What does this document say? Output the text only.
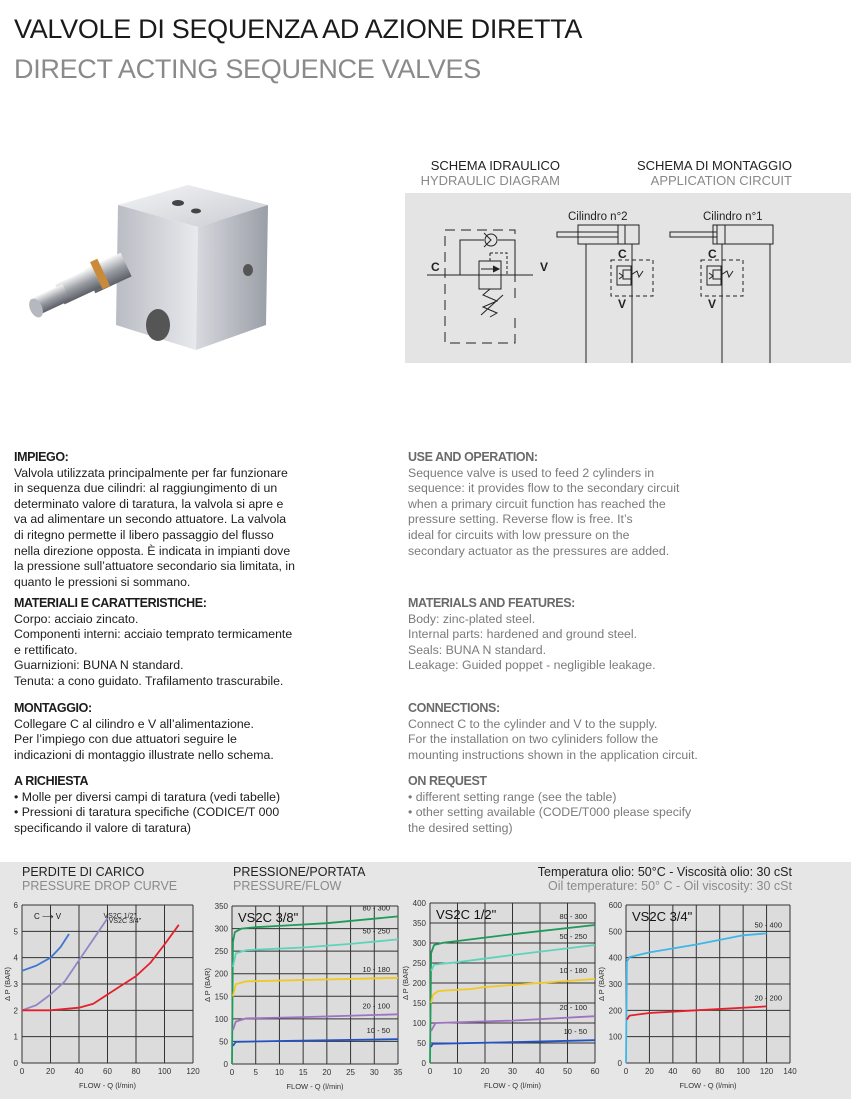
VALVOLE DI SEQUENZA AD AZIONE DIRETTA
DIRECT ACTING SEQUENCE VALVES
SCHEMA IDRAULICO
HYDRAULIC DIAGRAM
SCHEMA DI MONTAGGIO
APPLICATION CIRCUIT
C	V
Cilindro n°2	Cilindro n°1
C
V
C
V
IMPIEGO:
Valvola utilizzata principalmente per far funzionare
in sequenza due cilindri: al raggiungimento di un
determinato valore di taratura, la valvola si apre e
va ad alimentare un secondo attuatore. La valvola
di ritegno permette il libero passaggio del flusso
nella direzione opposta. È indicata in impianti dove
la pressione sull’attuatore secondario sia limitata, in
quanto le pressioni si sommano.
MATERIALI E CARATTERISTICHE:
Corpo: acciaio zincato.
Componenti interni: acciaio temprato termicamente
e rettificato.
Guarnizioni: BUNA N standard.
Tenuta: a cono guidato. Trafilamento trascurabile.
MONTAGGIO:
Collegare C al cilindro e V all’alimentazione.
Per l’impiego con due attuatori seguire le
indicazioni di montaggio illustrate nello schema.
A RICHIESTA
• Molle per diversi campi di taratura (vedi tabelle)
• Pressioni di taratura specifiche (CODICE/T 000
specificando il valore di taratura)
USE AND OPERATION:
Sequence valve is used to feed 2 cylinders in
sequence: it provides flow to the secondary circuit
when a primary circuit function has reached the
pressure setting. Reverse flow is free. It’s
ideal for circuits with low pressure on the
secondary actuator as the pressures are added.
MATERIALS AND FEATURES:
Body: zinc-plated steel.
Internal parts: hardened and ground steel.
Seals: BUNA N standard.
Leakage: Guided poppet - negligible leakage.
CONNECTIONS:
Connect C to the cylinder and V to the supply.
For the installation on two cyliniders follow the
mounting instructions shown in the application circuit.
ON REQUEST
• different setting range (see the table)
• other setting available (CODE/T000 please specify
the desired setting)
PERDITE DI CARICO
PRESSURE DROP CURVE
PRESSIONE/PORTATA
PRESSURE/FLOW
Temperatura olio: 50°C - Viscosità olio: 30 cSt
Oil temperature: 50° C - Oil viscosity: 30 cSt
0	20 40 60 80 100 120
0
1
2
3
4
5
6
FLOW - Q (l/min)
Δ P (BAR)
C ⟶ V	VS2C 1/2"
VS2C 3/4"
0 5 10 15 20 25 30 35
0
50
100
150
200
250
300
350
FLOW - Q (l/min)
Δ P (BAR)
VS2C 3/8"
80 - 300
50 - 250
10 - 180
20 - 100
10 - 50
0	10 20 30 40 50 60
0
50
100
150
200
250
300
350
400
FLOW - Q (l/min)
Δ P (BAR)
VS2C 1/2"	80 - 300
50 - 250
10 - 180
20 - 100
10 - 50
0 20 40 60 80 100 120 140
0
100
200
300
400
500
600
FLOW - Q (l/min)
Δ P (BAR)
VS2C 3/4"
50 - 400
20 - 200
